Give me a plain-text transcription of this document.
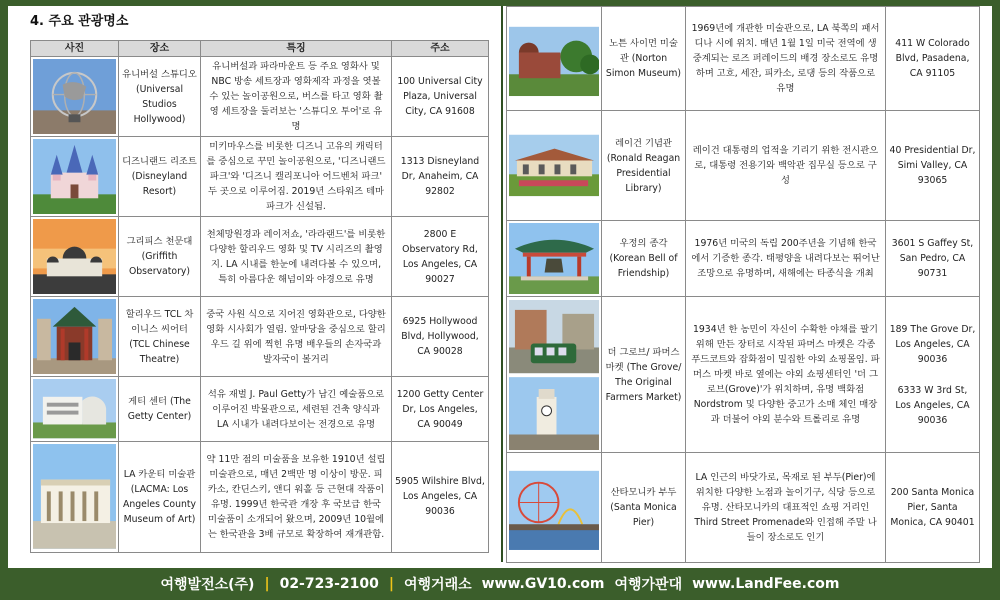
4. 주요 관광명소
사진	장소	특징	주소

	유니버설 스튜디오 (Universal Studios Hollywood)	유니버설과 파라마운트 등 주요 영화사 및 NBC 방송 세트장과 영화제작 과정을 엿볼 수 있는 놀이공원으로, 버스를 타고 영화 촬영 세트장을 둘러보는 '스튜디오 투어'로 유명	100 Universal City Plaza, Universal City, CA 91608

	디즈니랜드 리조트 (Disneyland Resort)	미키마우스를 비롯한 디즈니 고유의 캐릭터를 중심으로 꾸민 놀이공원으로, '디즈니랜드 파크'와 '디즈니 캘리포니아 어드벤처 파크' 두 곳으로 이루어짐. 2019년 스타워즈 테마 파크가 신설됨.	1313 Disneyland Dr, Anaheim, CA 92802

	그리피스 천문대 (Griffith Observatory)	천체망원경과 레이저쇼, '라라랜드'를 비롯한 다양한 할리우드 영화 및 TV 시리즈의 촬영지. LA 시내를 한눈에 내려다볼 수 있으며, 특히 아름다운 해넘이와 야경으로 유명	2800 E Observatory Rd, Los Angeles, CA 90027

	할리우드 TCL 차이니스 씨어터 (TCL Chinese Theatre)	중국 사원 식으로 지어진 영화관으로, 다양한 영화 시사회가 열림. 앞마당을 중심으로 할리우드 길 위에 찍힌 유명 배우들의 손자국과 발자국이 볼거리	6925 Hollywood Blvd, Hollywood, CA 90028

	게티 센터 (The Getty Center)	석유 재벌 J. Paul Getty가 남긴 예술품으로 이루어진 박물관으로, 세련된 건축 양식과 LA 시내가 내려다보이는 전경으로 유명	1200 Getty Center Dr, Los Angeles, CA 90049

	LA 카운티 미술관 (LACMA: Los Angeles County Museum of Art)	약 11만 점의 미술품을 보유한 1910년 설립 미술관으로, 매년 2백만 명 이상이 방문. 피카소, 칸딘스키, 앤디 워홀 등 근현대 작품이 유명. 1999년 한국관 개장 후 국보급 한국 미술품이 소개되어 왔으며, 2009년 10월에는 한국관을 3배 규모로 확장하여 재개관함.	5905 Wilshire Blvd, Los Angeles, CA 90036
	노튼 사이먼 미술관 (Norton Simon Museum)	1969년에 개관한 미술관으로, LA 북쪽의 패서디나 시에 위치. 매년 1월 1일 미국 전역에 생중계되는 로즈 퍼레이드의 배경 장소로도 유명하며 고흐, 세잔, 피카소, 로댕 등의 작품으로 유명	411 W Colorado Blvd, Pasadena, CA 91105

	레이건 기념관 (Ronald Reagan Presidential Library)	레이건 대통령의 업적을 기리기 위한 전시관으로, 대통령 전용기와 백악관 집무실 등으로 구성	40 Presidential Dr, Simi Valley, CA 93065

	우정의 종각 (Korean Bell of Friendship)	1976년 미국의 독립 200주년을 기념해 한국에서 기증한 종각. 태평양을 내려다보는 뛰어난 조망으로 유명하며, 새해에는 타종식을 개최	3601 S Gaffey St, San Pedro, CA 90731

	더 그로브/ 파머스 마켓 (The Grove/ The Original Farmers Market)	1934년 한 농민이 자신이 수확한 야채를 팔기 위해 만든 장터로 시작된 파머스 마켓은 각종 푸드코트와 잡화점이 밀집한 야외 쇼핑몰임. 파머스 마켓 바로 옆에는 야외 쇼핑센터인 '더 그로브(Grove)'가 위치하며, 유명 백화점 Nordstrom 및 다양한 중고가 소매 체인 매장과 더불어 야외 분수와 트롤리로 유명	189 The Grove Dr, Los Angeles, CA 90036
6333 W 3rd St, Los Angeles, CA 90036

	산타모니카 부두 (Santa Monica Pier)	LA 인근의 바닷가로, 목재로 된 부두(Pier)에 위치한 다양한 노점과 놀이기구, 식당 등으로 유명. 산타모니카의 대표적인 쇼핑 거리인 Third Street Promenade와 인접해 주말 나들이 장소로도 인기	200 Santa Monica Pier, Santa Monica, CA 90401
여행발전소(주) | 02-723-2100 | 여행거래소 www.GV10.com 여행가판대 www.LandFee.com
